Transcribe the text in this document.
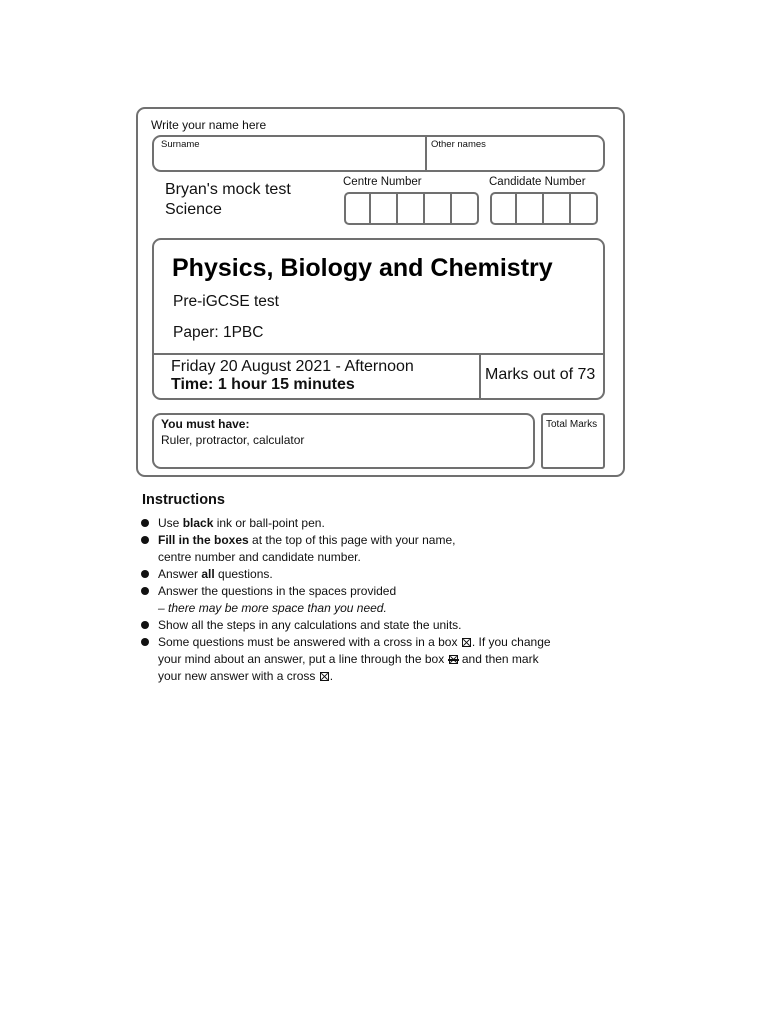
Write your name here
Surname	Other names
Bryan's mock test
Science
Centre Number	Candidate Number
Physics, Biology and Chemistry
Pre-iGCSE test
Paper: 1PBC
Friday 20 August 2021 - Afternoon
Time: 1 hour 15 minutes
Marks out of 73
You must have:
Ruler, protractor, calculator
Total Marks
Instructions
Use black ink or ball-point pen.
Fill in the boxes at the top of this page with your name,
centre number and candidate number.
Answer all questions.
Answer the questions in the spaces provided
– there may be more space than you need.
Show all the steps in any calculations and state the units.
Some questions must be answered with a cross in a box ☒. If you change
your mind about an answer, put a line through the box
and then mark
your new answer with a cross ☒.
